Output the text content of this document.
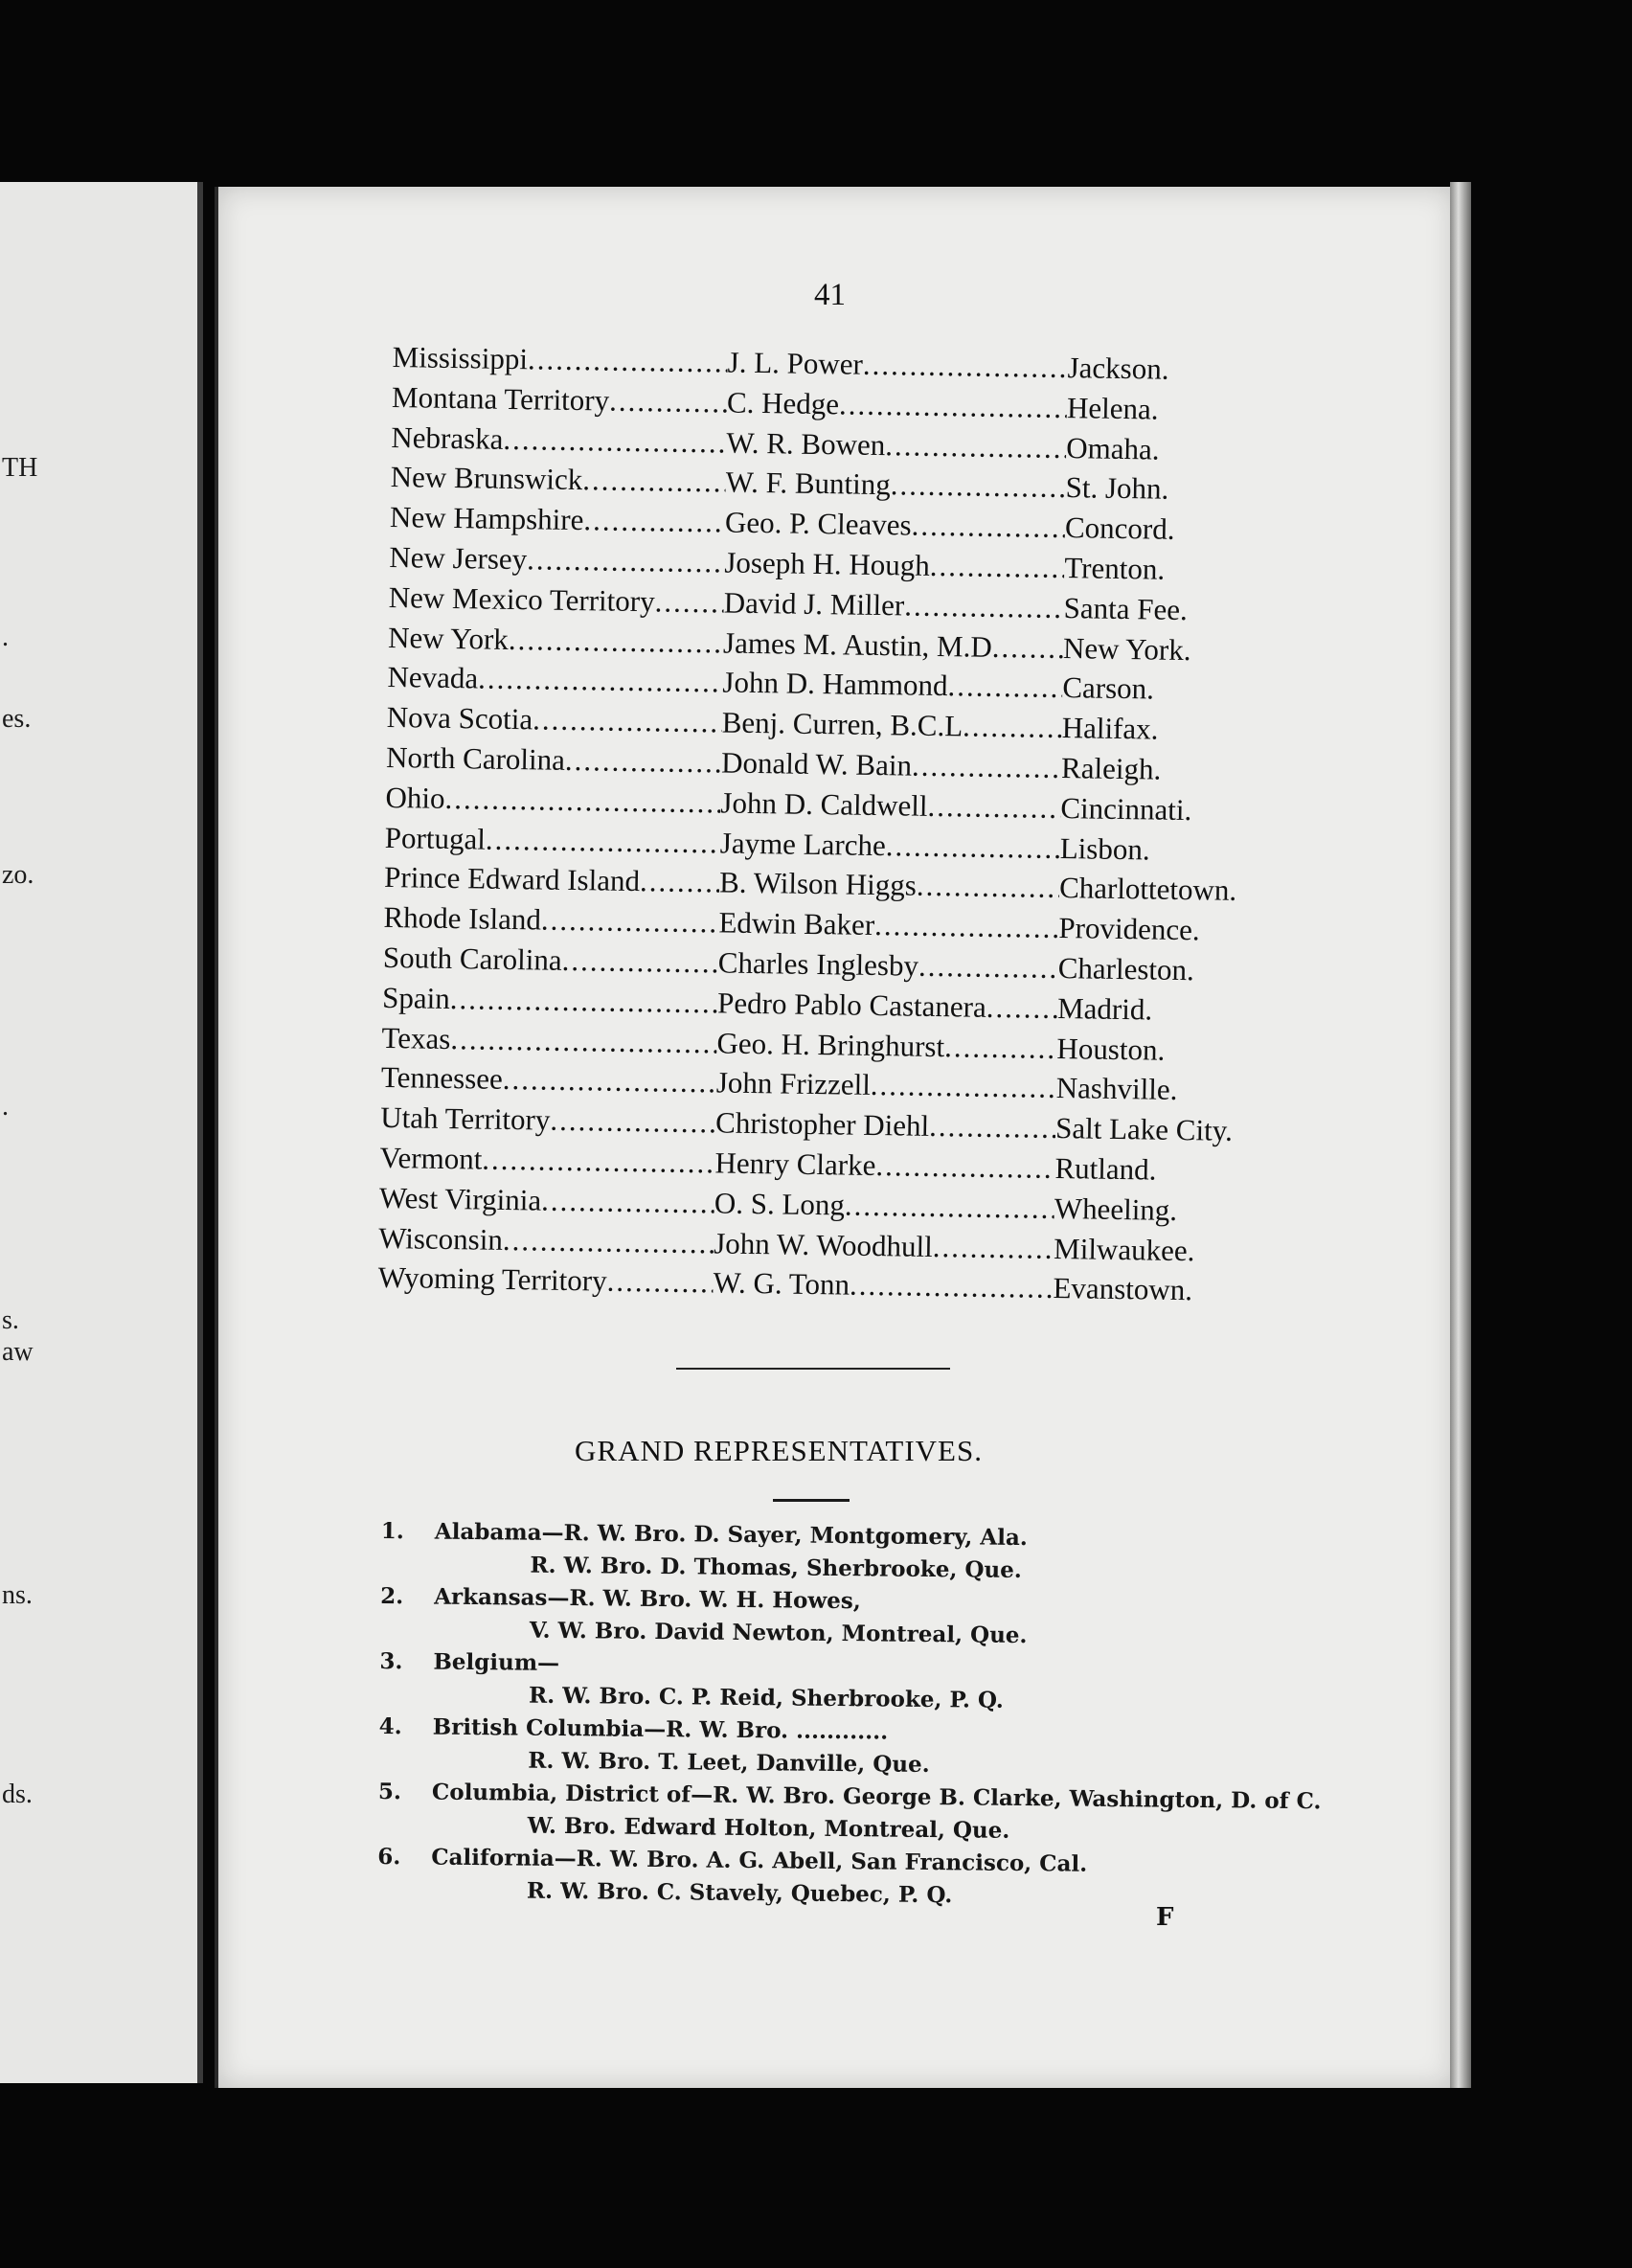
TH
.
es.
zo.
.
s.
aw
ns.
ds.
41
Mississippi .....	J. L. Power .....	Jackson.
Montana Territory .....	C. Hedge .....	Helena.
Nebraska .....	W. R. Bowen .....	Omaha.
New Brunswick .....	W. F. Bunting .....	St. John.
New Hampshire .....	Geo. P. Cleaves .....	Concord.
New Jersey .....	Joseph H. Hough .....	Trenton.
New Mexico Territory ..... David J. Miller .....	Santa Fee.
New York .....	James M. Austin, M.D ..... New York.
Nevada .....	John D. Hammond .....	Carson.
Nova Scotia .....	Benj. Curren, B.C.L .....	Halifax.
North Carolina .....	Donald W. Bain .....	Raleigh.
Ohio .....	John D. Caldwell .....	Cincinnati.
Portugal .....	Jayme Larche .....	Lisbon.
Prince Edward Island .....	B. Wilson Higgs .....	Charlottetown.
Rhode Island .....	Edwin Baker .....	Providence.
South Carolina .....	Charles Inglesby .....	Charleston.
Spain .....	Pedro Pablo Castanera ..... Madrid.
Texas .....	Geo. H. Bringhurst .....	Houston.
Tennessee .....	John Frizzell .....	Nashville.
Utah Territory .....	Christopher Diehl .....	Salt Lake City.
Vermont .....	Henry Clarke .....	Rutland.
West Virginia .....	O. S. Long .....	Wheeling.
Wisconsin .....	John W. Woodhull .....	Milwaukee.
Wyoming Territory .....	W. G. Tonn .....	Evanstown.
GRAND REPRESENTATIVES.
1.	Alabama—R. W. Bro. D. Sayer, Montgomery, Ala.
R. W. Bro. D. Thomas, Sherbrooke, Que.
2.	Arkansas—R. W. Bro. W. H. Howes,
V. W. Bro. David Newton, Montreal, Que.
3.	Belgium—
R. W. Bro. C. P. Reid, Sherbrooke, P. Q.
4.	British Columbia—R. W. Bro. ............
R. W. Bro. T. Leet, Danville, Que.
5.	Columbia, District of—R. W. Bro. George B. Clarke, Washington, D. of C.
W. Bro. Edward Holton, Montreal, Que.
6.	California—R. W. Bro. A. G. Abell, San Francisco, Cal.
R. W. Bro. C. Stavely, Quebec, P. Q.
F
